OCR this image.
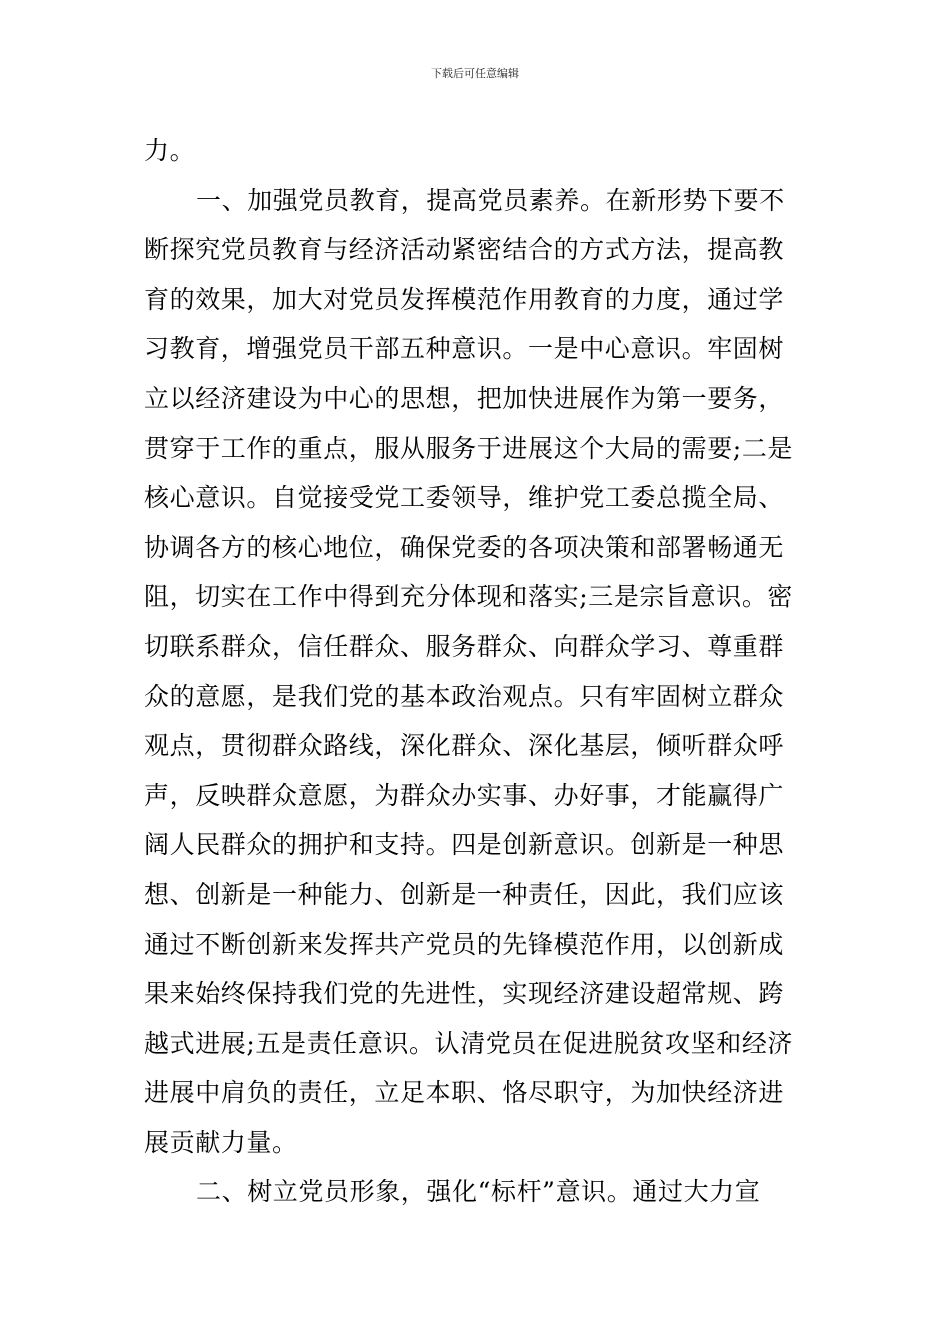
下载后可任意编辑
力。
一、加强党员教育，提高党员素养。在新形势下要不
断探究党员教育与经济活动紧密结合的方式方法，提高教
育的效果，加大对党员发挥模范作用教育的力度，通过学
习教育，增强党员干部五种意识。一是中心意识。牢固树
立以经济建设为中心的思想，把加快进展作为第一要务，
贯穿于工作的重点，服从服务于进展这个大局的需要;二是
核心意识。自觉接受党工委领导，维护党工委总揽全局、
协调各方的核心地位，确保党委的各项决策和部署畅通无
阻，切实在工作中得到充分体现和落实;三是宗旨意识。密
切联系群众，信任群众、服务群众、向群众学习、尊重群
众的意愿，是我们党的基本政治观点。只有牢固树立群众
观点，贯彻群众路线，深化群众、深化基层，倾听群众呼
声，反映群众意愿，为群众办实事、办好事，才能赢得广
阔人民群众的拥护和支持。四是创新意识。创新是一种思
想、创新是一种能力、创新是一种责任，因此，我们应该
通过不断创新来发挥共产党员的先锋模范作用，以创新成
果来始终保持我们党的先进性，实现经济建设超常规、跨
越式进展;五是责任意识。认清党员在促进脱贫攻坚和经济
进展中肩负的责任，立足本职、恪尽职守，为加快经济进
展贡献力量。
二、树立党员形象，强化“标杆”意识。通过大力宣
